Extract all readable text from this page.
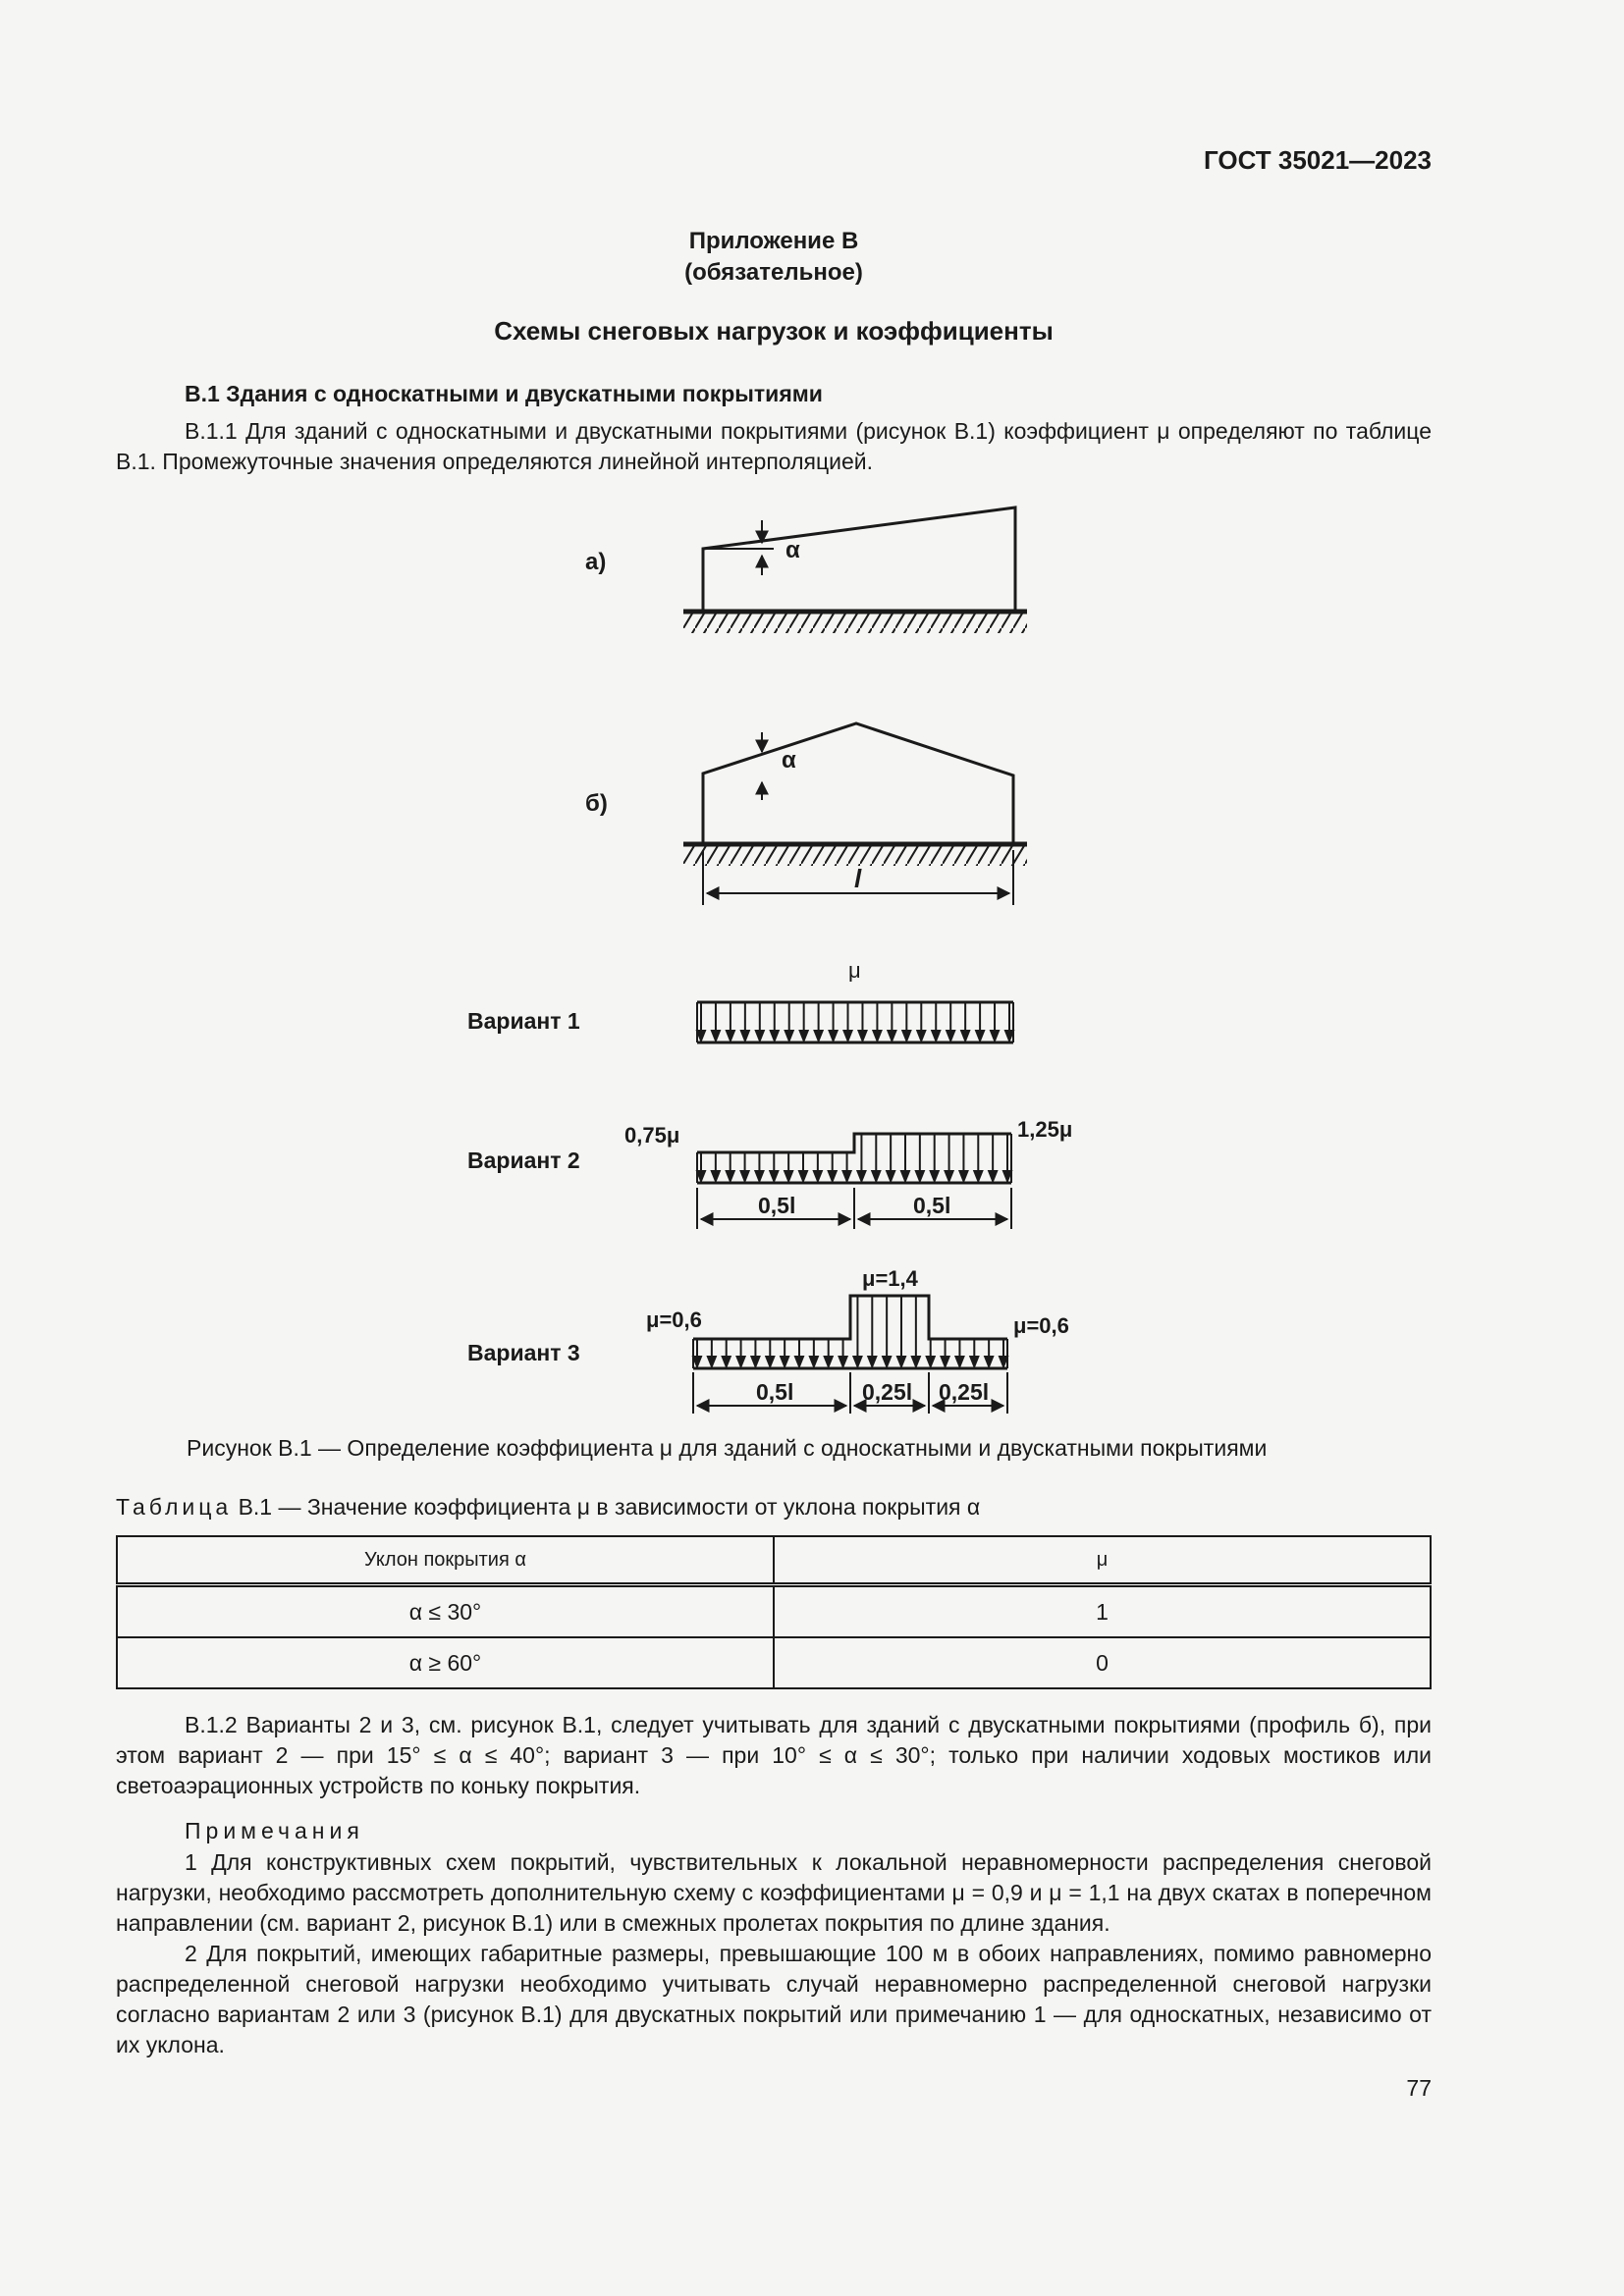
ГОСТ 35021—2023
Приложение В
(обязательное)
Схемы снеговых нагрузок и коэффициенты
В.1 Здания с односкатными и двускатными покрытиями

В.1.1 Для зданий с односкатными и двускатными покрытиями (рисунок В.1) коэффициент μ определяют по таблице В.1. Промежуточные значения определяются линейной интерполяцией.

а)	α
б)
α
l
Вариант 1
μ
Вариант 2
0,75μ	1,25μ
0,5l	0,5l
Вариант 3
μ=0,6
μ=1,4
μ=0,6
0,5l	0,25l 0,25l
Рисунок В.1 — Определение коэффициента μ для зданий с односкатными и двускатными покрытиями
Таблица В.1 — Значение коэффициента μ в зависимости от уклона покрытия α
Уклон покрытия α	μ
α ≤ 30°	1
α ≥ 60°	0

В.1.2 Варианты 2 и 3, см. рисунок В.1, следует учитывать для зданий с двускатными покрытиями (профиль б), при этом вариант 2 — при 15° ≤ α ≤ 40°; вариант 3 — при 10° ≤ α ≤ 30°; только при наличии ходовых мостиков или светоаэрационных устройств по коньку покрытия.

Примечания

1 Для конструктивных схем покрытий, чувствительных к локальной неравномерности распределения снеговой нагрузки, необходимо рассмотреть дополнительную схему с коэффициентами μ = 0,9 и μ = 1,1 на двух скатах в поперечном направлении (см. вариант 2, рисунок В.1) или в смежных пролетах покрытия по длине здания.

2 Для покрытий, имеющих габаритные размеры, превышающие 100 м в обоих направлениях, помимо равномерно распределенной снеговой нагрузки необходимо учитывать случай неравномерно распределенной снеговой нагрузки согласно вариантам 2 или 3 (рисунок В.1) для двускатных покрытий или примечанию 1 — для односкатных, независимо от их уклона.

77
